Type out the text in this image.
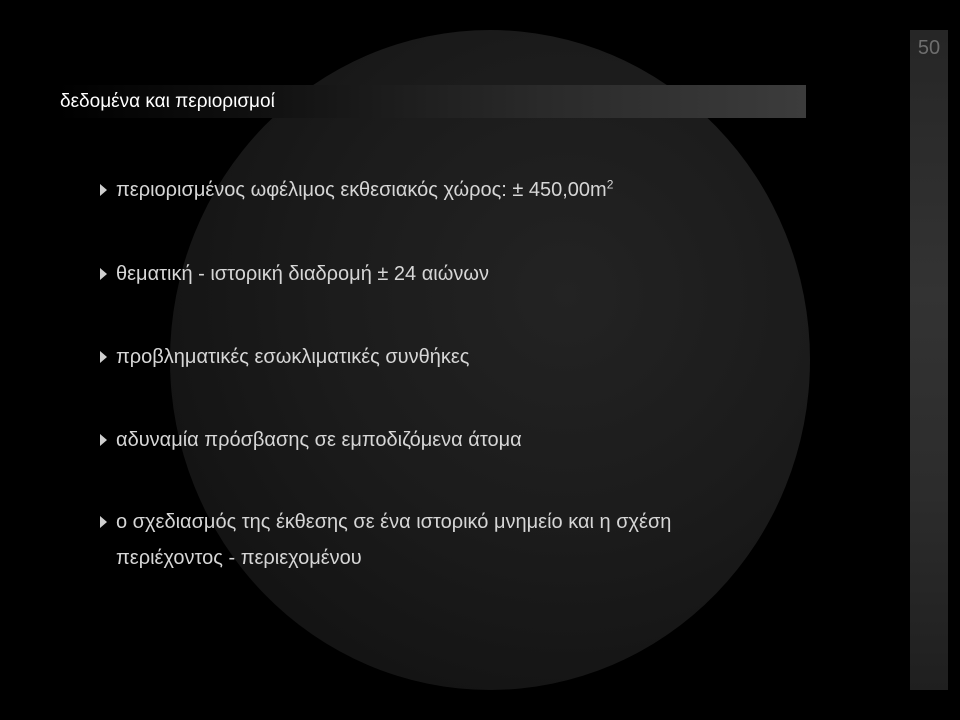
50
δεδομένα και περιορισμοί
περιορισμένος ωφέλιμος εκθεσιακός χώρος: ± $450,00m^2$
θεματική - ιστορική διαδρομή ± 24 αιώνων
προβληματικές εσωκλιματικές συνθήκες
αδυναμία πρόσβασης σε εμποδιζόμενα άτομα
ο σχεδιασμός της έκθεσης σε ένα ιστορικό μνημείο και η σχέση περιέχοντος - περιεχομένου
